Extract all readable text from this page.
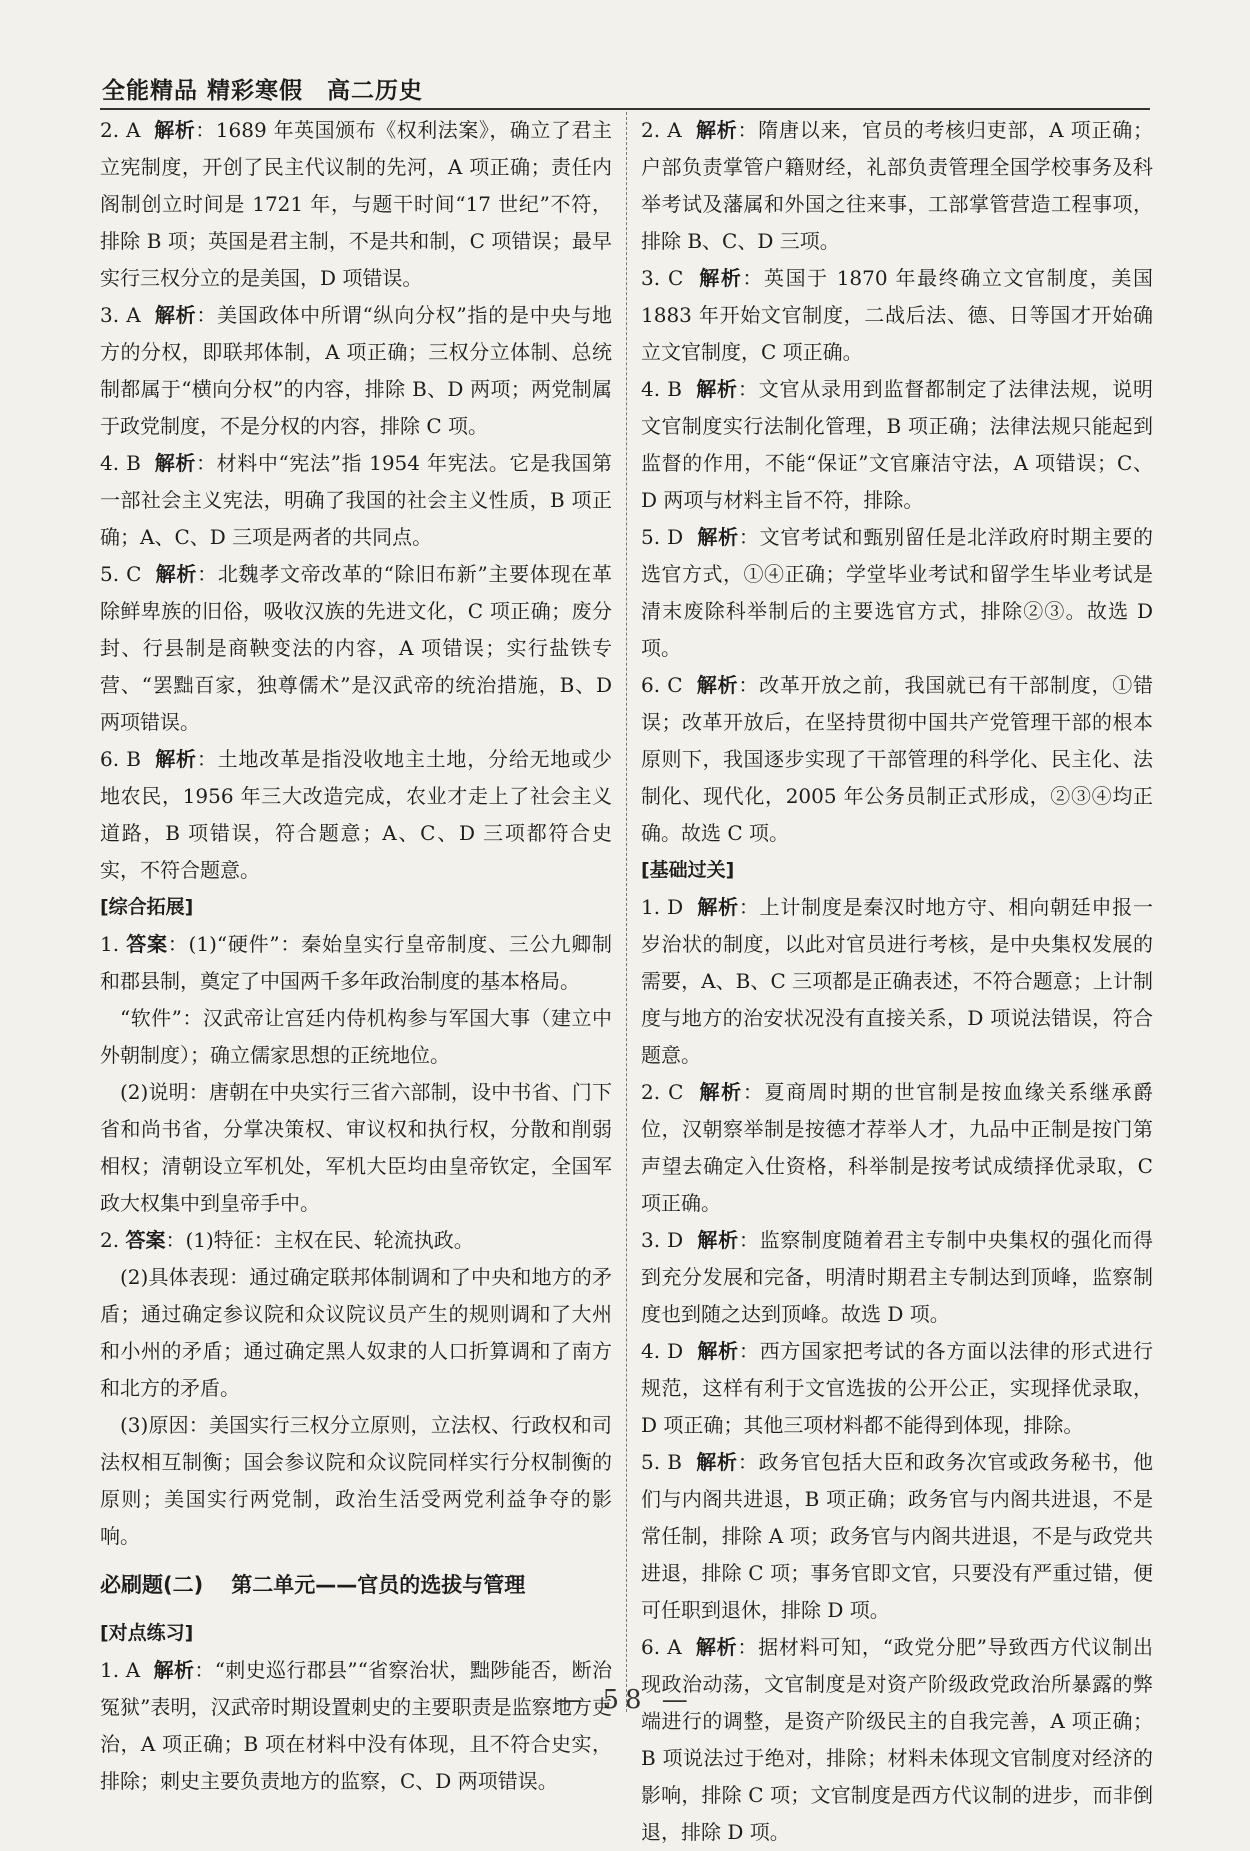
全能精品 精彩寒假　高二历史

2. A 解析：1689 年英国颁布《权利法案》，确立了君主立宪制度，开创了民主代议制的先河，A 项正确；责任内阁制创立时间是 1721 年，与题干时间“17 世纪”不符，排除 B 项；英国是君主制，不是共和制，C 项错误；最早实行三权分立的是美国，D 项错误。

3. A 解析：美国政体中所谓“纵向分权”指的是中央与地方的分权，即联邦体制，A 项正确；三权分立体制、总统制都属于“横向分权”的内容，排除 B、D 两项；两党制属于政党制度，不是分权的内容，排除 C 项。

4. B 解析：材料中“宪法”指 1954 年宪法。它是我国第一部社会主义宪法，明确了我国的社会主义性质，B 项正确；A、C、D 三项是两者的共同点。

5. C 解析：北魏孝文帝改革的“除旧布新”主要体现在革除鲜卑族的旧俗，吸收汉族的先进文化，C 项正确；废分封、行县制是商鞅变法的内容，A 项错误；实行盐铁专营、“罢黜百家，独尊儒术”是汉武帝的统治措施，B、D 两项错误。

6. B 解析：土地改革是指没收地主土地，分给无地或少地农民，1956 年三大改造完成，农业才走上了社会主义道路，B 项错误，符合题意；A、C、D 三项都符合史实，不符合题意。

[综合拓展]

1. 答案：(1)“硬件”：秦始皇实行皇帝制度、三公九卿制和郡县制，奠定了中国两千多年政治制度的基本格局。

“软件”：汉武帝让宫廷内侍机构参与军国大事（建立中外朝制度）；确立儒家思想的正统地位。

(2)说明：唐朝在中央实行三省六部制，设中书省、门下省和尚书省，分掌决策权、审议权和执行权，分散和削弱相权；清朝设立军机处，军机大臣均由皇帝钦定，全国军政大权集中到皇帝手中。

2. 答案：(1)特征：主权在民、轮流执政。

(2)具体表现：通过确定联邦体制调和了中央和地方的矛盾；通过确定参议院和众议院议员产生的规则调和了大州和小州的矛盾；通过确定黑人奴隶的人口折算调和了南方和北方的矛盾。

(3)原因：美国实行三权分立原则，立法权、行政权和司法权相互制衡；国会参议院和众议院同样实行分权制衡的原则；美国实行两党制，政治生活受两党利益争夺的影响。

必刷题(二) 第二单元——官员的选拔与管理
[对点练习]

1. A 解析：“刺史巡行郡县”“省察治状，黜陟能否，断治冤狱”表明，汉武帝时期设置刺史的主要职责是监察地方吏治，A 项正确；B 项在材料中没有体现，且不符合史实，排除；刺史主要负责地方的监察，C、D 两项错误。

2. A 解析：隋唐以来，官员的考核归吏部，A 项正确；户部负责掌管户籍财经，礼部负责管理全国学校事务及科举考试及藩属和外国之往来事，工部掌管营造工程事项，排除 B、C、D 三项。

3. C 解析：英国于 1870 年最终确立文官制度，美国 1883 年开始文官制度，二战后法、德、日等国才开始确立文官制度，C 项正确。

4. B 解析：文官从录用到监督都制定了法律法规，说明文官制度实行法制化管理，B 项正确；法律法规只能起到监督的作用，不能“保证”文官廉洁守法，A 项错误；C、D 两项与材料主旨不符，排除。

5. D 解析：文官考试和甄别留任是北洋政府时期主要的选官方式，①④正确；学堂毕业考试和留学生毕业考试是清末废除科举制后的主要选官方式，排除②③。故选 D 项。

6. C 解析：改革开放之前，我国就已有干部制度，①错误；改革开放后，在坚持贯彻中国共产党管理干部的根本原则下，我国逐步实现了干部管理的科学化、民主化、法制化、现代化，2005 年公务员制正式形成，②③④均正确。故选 C 项。

[基础过关]

1. D 解析：上计制度是秦汉时地方守、相向朝廷申报一岁治状的制度，以此对官员进行考核，是中央集权发展的需要，A、B、C 三项都是正确表述，不符合题意；上计制度与地方的治安状况没有直接关系，D 项说法错误，符合题意。

2. C 解析：夏商周时期的世官制是按血缘关系继承爵位，汉朝察举制是按德才荐举人才，九品中正制是按门第声望去确定入仕资格，科举制是按考试成绩择优录取，C 项正确。

3. D 解析：监察制度随着君主专制中央集权的强化而得到充分发展和完备，明清时期君主专制达到顶峰，监察制度也到随之达到顶峰。故选 D 项。

4. D 解析：西方国家把考试的各方面以法律的形式进行规范，这样有利于文官选拔的公开公正，实现择优录取，D 项正确；其他三项材料都不能得到体现，排除。

5. B 解析：政务官包括大臣和政务次官或政务秘书，他们与内阁共进退，B 项正确；政务官与内阁共进退，不是常任制，排除 A 项；政务官与内阁共进退，不是与政党共进退，排除 C 项；事务官即文官，只要没有严重过错，便可任职到退休，排除 D 项。

6. A 解析：据材料可知，“政党分肥”导致西方代议制出现政治动荡，文官制度是对资产阶级政党政治所暴露的弊端进行的调整，是资产阶级民主的自我完善，A 项正确；B 项说法过于绝对，排除；材料未体现文官制度对经济的影响，排除 C 项；文官制度是西方代议制的进步，而非倒退，排除 D 项。

— 58 —
